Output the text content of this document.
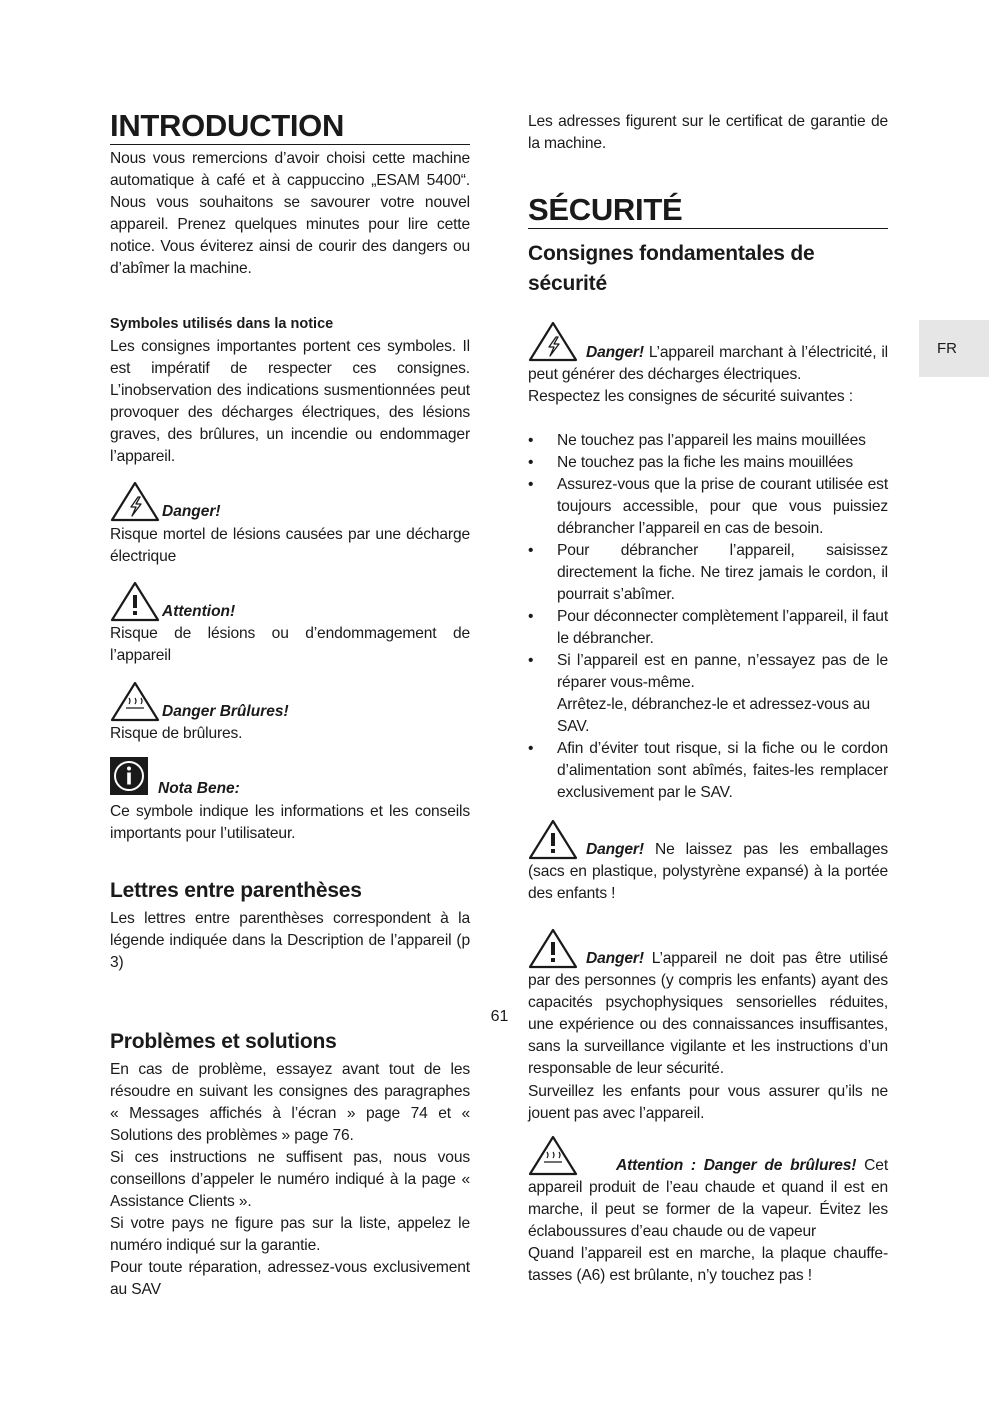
INTRODUCTION

Nous vous remercions d’avoir choisi cette machine automatique à café et à cappuccino „ESAM 5400“. Nous vous souhaitons se savourer votre nouvel appareil. Prenez quelques minutes pour lire cette notice. Vous éviterez ainsi de courir des dangers ou d’abîmer la machine.

Symboles utilisés dans la notice

Les consignes importantes portent ces symboles. Il est impératif de respecter ces consignes. L’inobservation des indications susmentionnées peut provoquer des décharges électriques, des lésions graves, des brûlures, un incendie ou endommager l’appareil.

Danger!

Risque mortel de lésions causées par une décharge électrique

Attention!

Risque de lésions ou d’endommagement de l’appareil

Danger Brûlures!

Risque de brûlures.

Nota Bene:

Ce symbole indique les informations et les conseils importants pour l’utilisateur.

Lettres entre parenthèses

Les lettres entre parenthèses correspondent à la légende indiquée dans la Description de l’appareil (p 3)

Problèmes et solutions

En cas de problème, essayez avant tout de les résoudre en suivant les consignes des paragraphes « Messages affichés à l’écran » page 74 et « Solutions des problèmes » page 76.

Si ces instructions ne suffisent pas, nous vous conseillons d’appeler le numéro indiqué à la page « Assistance Clients ».

Si votre pays ne figure pas sur la liste, appelez le numéro indiqué sur la garantie.

Pour toute réparation, adressez-vous exclusivement au SAV

Les adresses figurent sur le certificat de garantie de la machine.

SÉCURITÉ
Consignes fondamentales de sécurité

Danger! L’appareil marchant à l’électricité, il peut générer des décharges électriques.

Respectez les consignes de sécurité suivantes :

• Ne touchez pas l’appareil les mains mouillées
• Ne touchez pas la fiche les mains mouillées
• Assurez-vous que la prise de courant utilisée est toujours accessible, pour que vous puissiez débrancher l’appareil en cas de besoin.
• Pour débrancher l’appareil, saisissez directement la fiche. Ne tirez jamais le cordon, il pourrait s’abîmer.
• Pour déconnecter complètement l’appareil, il faut le débrancher.
• Si l’appareil est en panne, n’essayez pas de le réparer vous-même.
Arrêtez-le, débranchez-le et adressez-vous au SAV.
• Afin d’éviter tout risque, si la fiche ou le cordon d’alimentation sont abîmés, faites-les remplacer exclusivement par le SAV.

Danger! Ne laissez pas les emballages (sacs en plastique, polystyrène expansé) à la portée des enfants !

Danger! L’appareil ne doit pas être utilisé par des personnes (y compris les enfants) ayant des capacités psychophysiques sensorielles réduites, une expérience ou des connaissances insuffisantes, sans la surveillance vigilante et les instructions d’un responsable de leur sécurité.

Surveillez les enfants pour vous assurer qu’ils ne jouent pas avec l’appareil.

Attention : Danger de brûlures! Cet appareil produit de l’eau chaude et quand il est en marche, il peut se former de la vapeur. Évitez les éclaboussures d’eau chaude ou de vapeur

Quand l’appareil est en marche, la plaque chauffe-tasses (A6) est brûlante, n’y touchez pas !

FR
61
